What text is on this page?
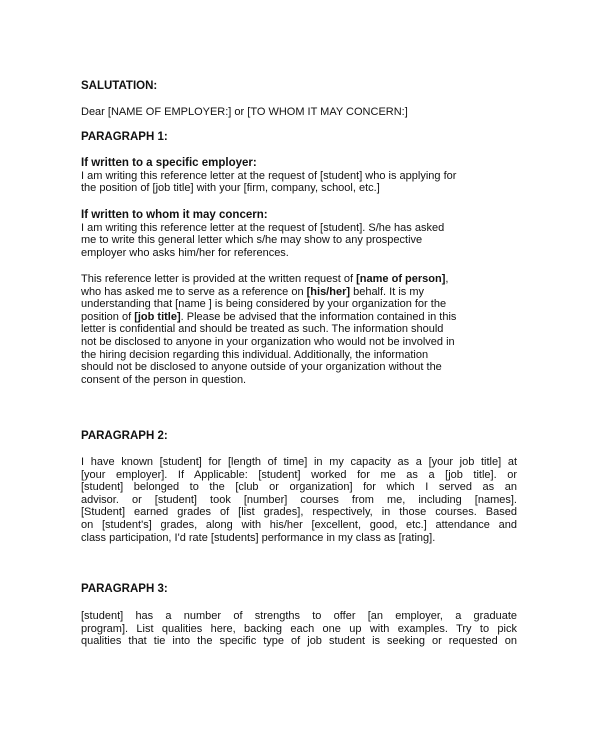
SALUTATION:
Dear [NAME OF EMPLOYER:] or [TO WHOM IT MAY CONCERN:]
PARAGRAPH 1:
If written to a specific employer:
I am writing this reference letter at the request of [student] who is applying for
the position of [job title] with your [firm, company, school, etc.]
If written to whom it may concern:
I am writing this reference letter at the request of [student]. S/he has asked
me to write this general letter which s/he may show to any prospective
employer who asks him/her for references.
This reference letter is provided at the written request of [name of person],
who has asked me to serve as a reference on [his/her] behalf. It is my
understanding that [name ] is being considered by your organization for the
position of [job title]. Please be advised that the information contained in this
letter is confidential and should be treated as such. The information should
not be disclosed to anyone in your organization who would not be involved in
the hiring decision regarding this individual. Additionally, the information
should not be disclosed to anyone outside of your organization without the
consent of the person in question.
PARAGRAPH 2:
I have known [student] for [length of time] in my capacity as a [your job title] at
[your employer]. If Applicable: [student] worked for me as a [job title]. or
[student] belonged to the [club or organization] for which I served as an
advisor. or [student] took [number] courses from me, including [names].
[Student] earned grades of [list grades], respectively, in those courses. Based
on [student's] grades, along with his/her [excellent, good, etc.] attendance and
class participation, I'd rate [students] performance in my class as [rating].
PARAGRAPH 3:
[student] has a number of strengths to offer [an employer, a graduate
program]. List qualities here, backing each one up with examples. Try to pick
qualities that tie into the specific type of job student is seeking or requested on
